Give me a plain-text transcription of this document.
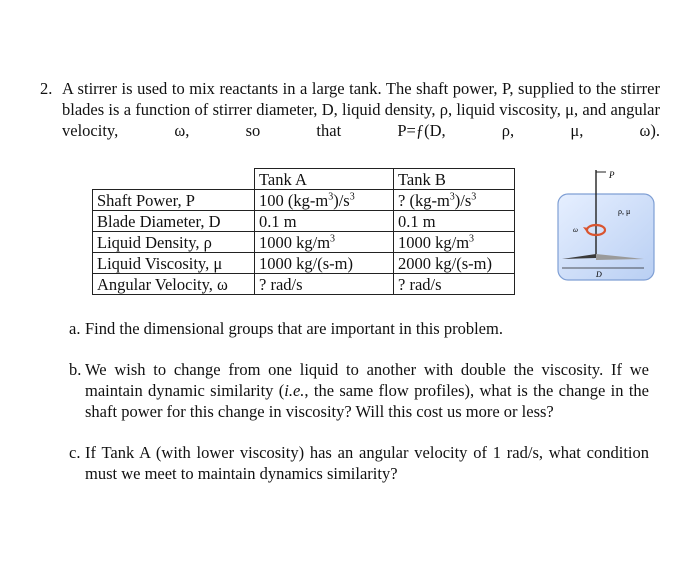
2. A stirrer is used to mix reactants in a large tank. The shaft power, P, supplied to the stirrer blades is a function of stirrer diameter, D, liquid density, ρ, liquid viscosity, μ, and angular velocity, ω, so that P=ƒ(D, ρ, μ, ω).
	Tank A	Tank B
Shaft Power, P	100 $(kg-m^3)/s^3$	? $(kg-m^3)/s^3$
Blade Diameter, D	0.1 m	0.1 m
Liquid Density, ρ	1000 $kg/m^3$	1000 $kg/m^3$
Liquid Viscosity, μ	1000 kg/(s-m)	2000 kg/(s-m)
Angular Velocity, ω	? rad/s	? rad/s
P
ρ, μ
ω
D
a. Find the dimensional groups that are important in this problem.
b. We wish to change from one liquid to another with double the viscosity. If we maintain dynamic similarity (i.e., the same flow profiles), what is the change in the shaft power for this change in viscosity? Will this cost us more or less?
c. If Tank A (with lower viscosity) has an angular velocity of 1 rad/s, what condition must we meet to maintain dynamics similarity?
